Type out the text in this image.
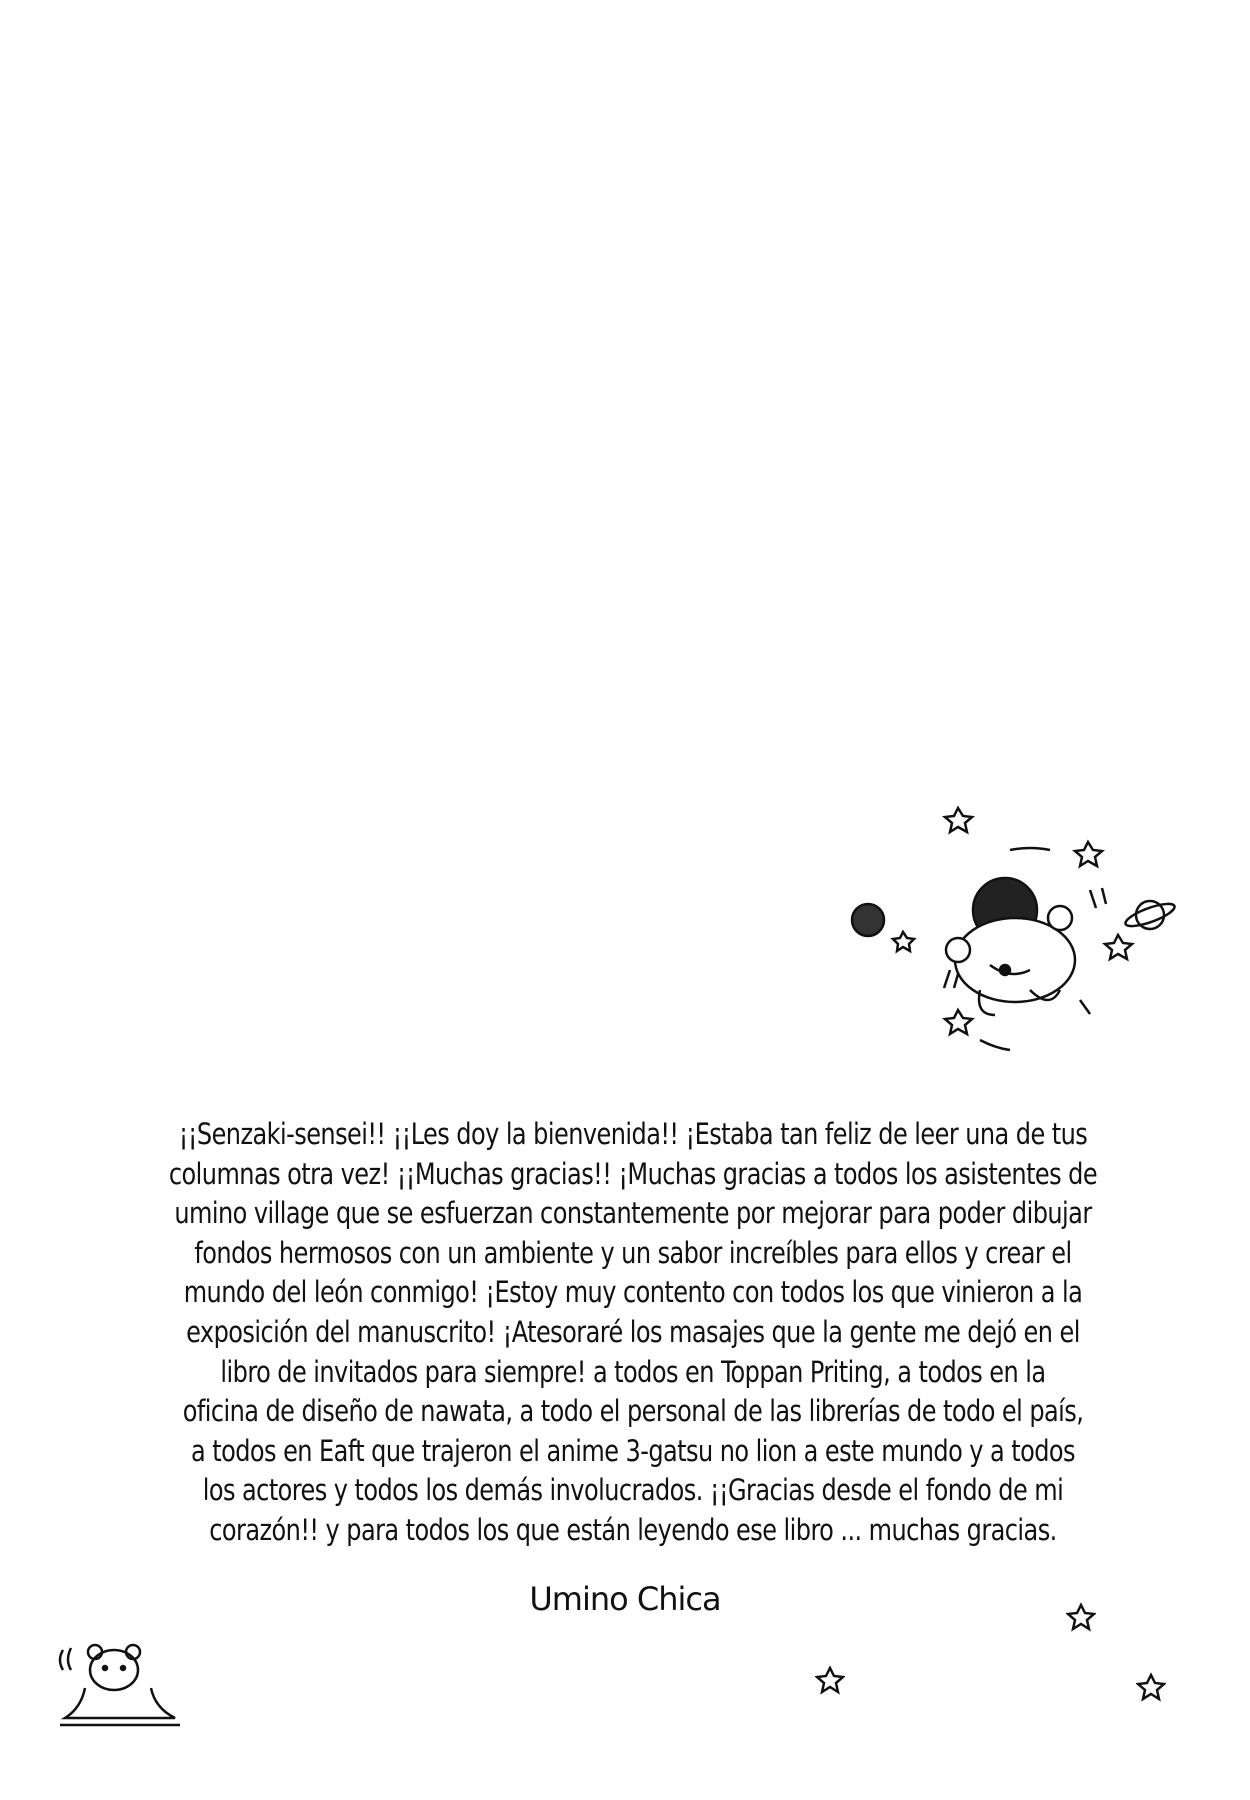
¡¡Senzaki-sensei!! ¡¡Les doy la bienvenida!! ¡Estaba tan feliz de leer una de tus
columnas otra vez! ¡¡Muchas gracias!! ¡Muchas gracias a todos los asistentes de
umino village que se esfuerzan constantemente por mejorar para poder dibujar
fondos hermosos con un ambiente y un sabor increíbles para ellos y crear el
mundo del león conmigo! ¡Estoy muy contento con todos los que vinieron a la
exposición del manuscrito! ¡Atesoraré los masajes que la gente me dejó en el
libro de invitados para siempre! a todos en Toppan Priting, a todos en la
oficina de diseño de nawata, a todo el personal de las librerías de todo el país,
a todos en Eaft que trajeron el anime 3-gatsu no lion a este mundo y a todos
los actores y todos los demás involucrados. ¡¡Gracias desde el fondo de mi
corazón!! y para todos los que están leyendo ese libro ... muchas gracias.
Umino Chica
